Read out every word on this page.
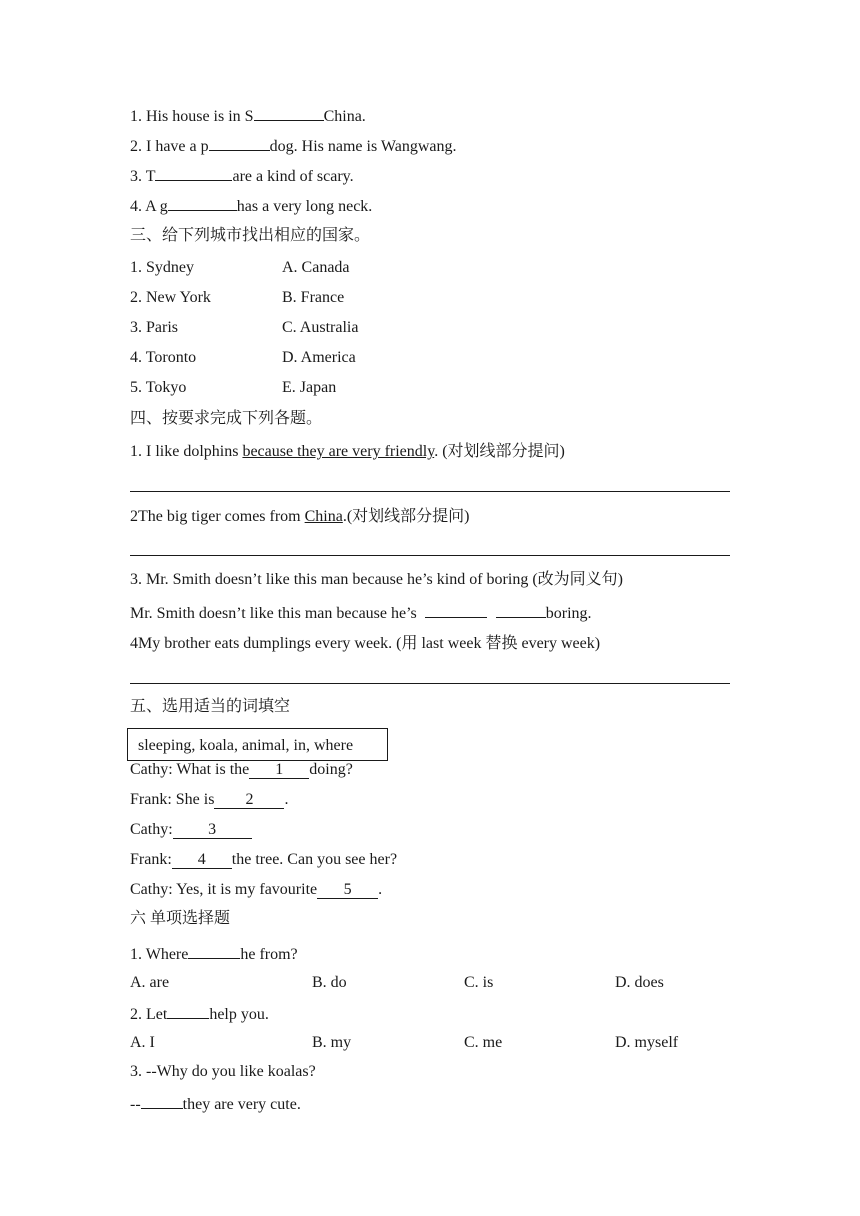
1. His house is in S	China.
2. I have a p	dog. His name is Wangwang.
3. T	are a kind of scary.
4. A g	has a very long neck.
三、给下列城市找出相应的国家。
1. Sydney	A. Canada
2. New York	B. France
3. Paris	C. Australia
4. Toronto	D. America
5. Tokyo	E. Japan
四、按要求完成下列各题。
1. I like dolphins because they are very friendly. (对划线部分提问)
2The big tiger comes from China.(对划线部分提问)
3. Mr. Smith doesn’t like this man because he’s kind of boring (改为同义句)
Mr. Smith doesn’t like this man because he’s	boring.
4My brother eats dumplings every week. (用 last week 替换 every week)
五、选用适当的词填空
sleeping, koala, animal, in, where
Cathy: What is the 1 doing?
Frank: She is 2 .
Cathy: 3
Frank: 4 the tree. Can you see her?
Cathy: Yes, it is my favourite 5 .
六 单项选择题
1. Where	he from?
A. are	B. do	C. is	D. does
2. Let	help you.
A. I	B. my	C. me	D. myself
3. --Why do you like koalas?
--	they are very cute.
